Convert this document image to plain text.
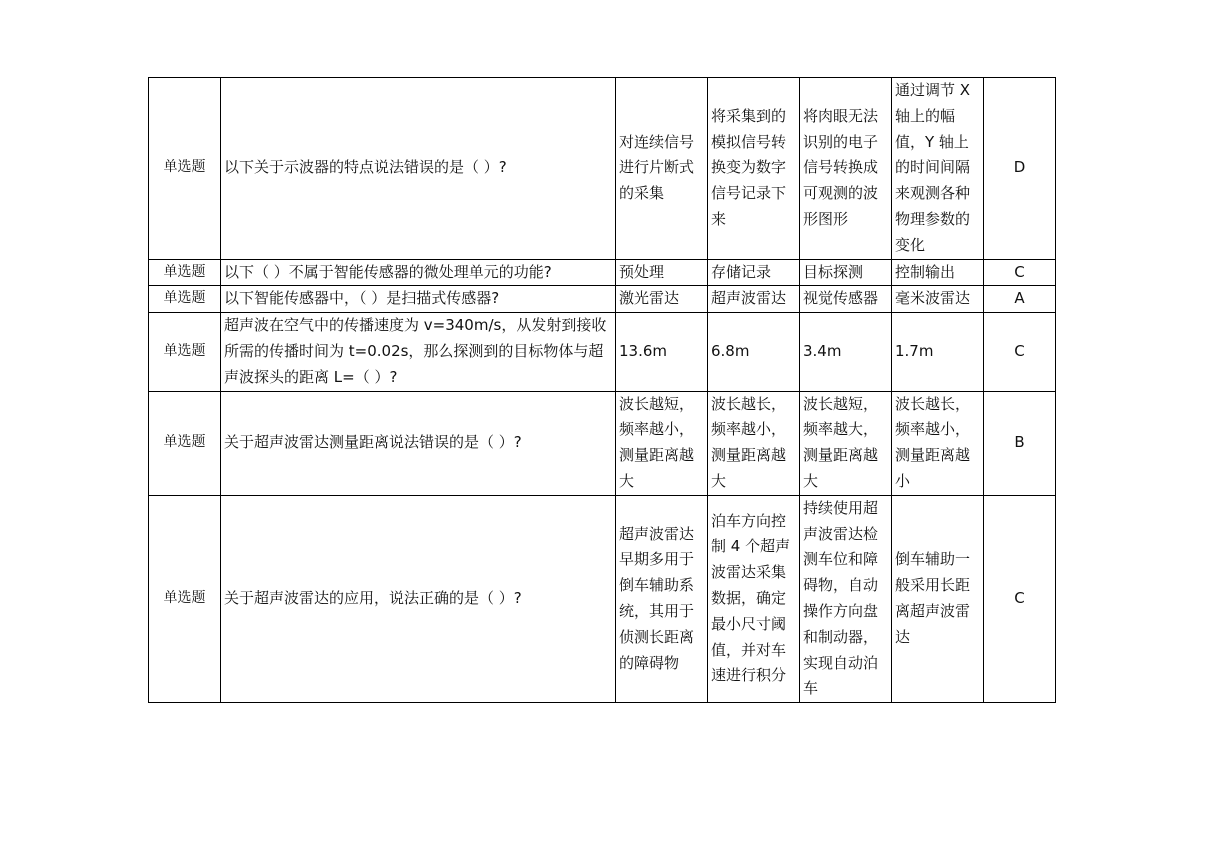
单选题	以下关于示波器的特点说法错误的是（ ）?	对连续信号进行片断式的采集	将采集到的模拟信号转换变为数字信号记录下来	将肉眼无法识别的电子信号转换成可观测的波形图形	通过调节 X 轴上的幅值，Y 轴上的时间间隔来观测各种物理参数的变化	D
单选题	以下（ ）不属于智能传感器的微处理单元的功能?	预处理	存储记录	目标探测	控制输出	C
单选题	以下智能传感器中，（ ）是扫描式传感器?	激光雷达	超声波雷达	视觉传感器	毫米波雷达	A
单选题	超声波在空气中的传播速度为 v=340m/s，从发射到接收所需的传播时间为 t=0.02s，那么探测到的目标物体与超声波探头的距离 L=（ ）?	13.6m	6.8m	3.4m	1.7m	C
单选题	关于超声波雷达测量距离说法错误的是（ ）?	波长越短，频率越小，测量距离越大	波长越长，频率越小，测量距离越大	波长越短，频率越大，测量距离越大	波长越长，频率越小，测量距离越小	B
单选题	关于超声波雷达的应用，说法正确的是（ ）?	超声波雷达早期多用于倒车辅助系统，其用于侦测长距离的障碍物	泊车方向控制 4 个超声波雷达采集数据，确定最小尺寸阈值，并对车速进行积分	持续使用超声波雷达检测车位和障碍物，自动操作方向盘和制动器，实现自动泊车	倒车辅助一般采用长距离超声波雷达	C
